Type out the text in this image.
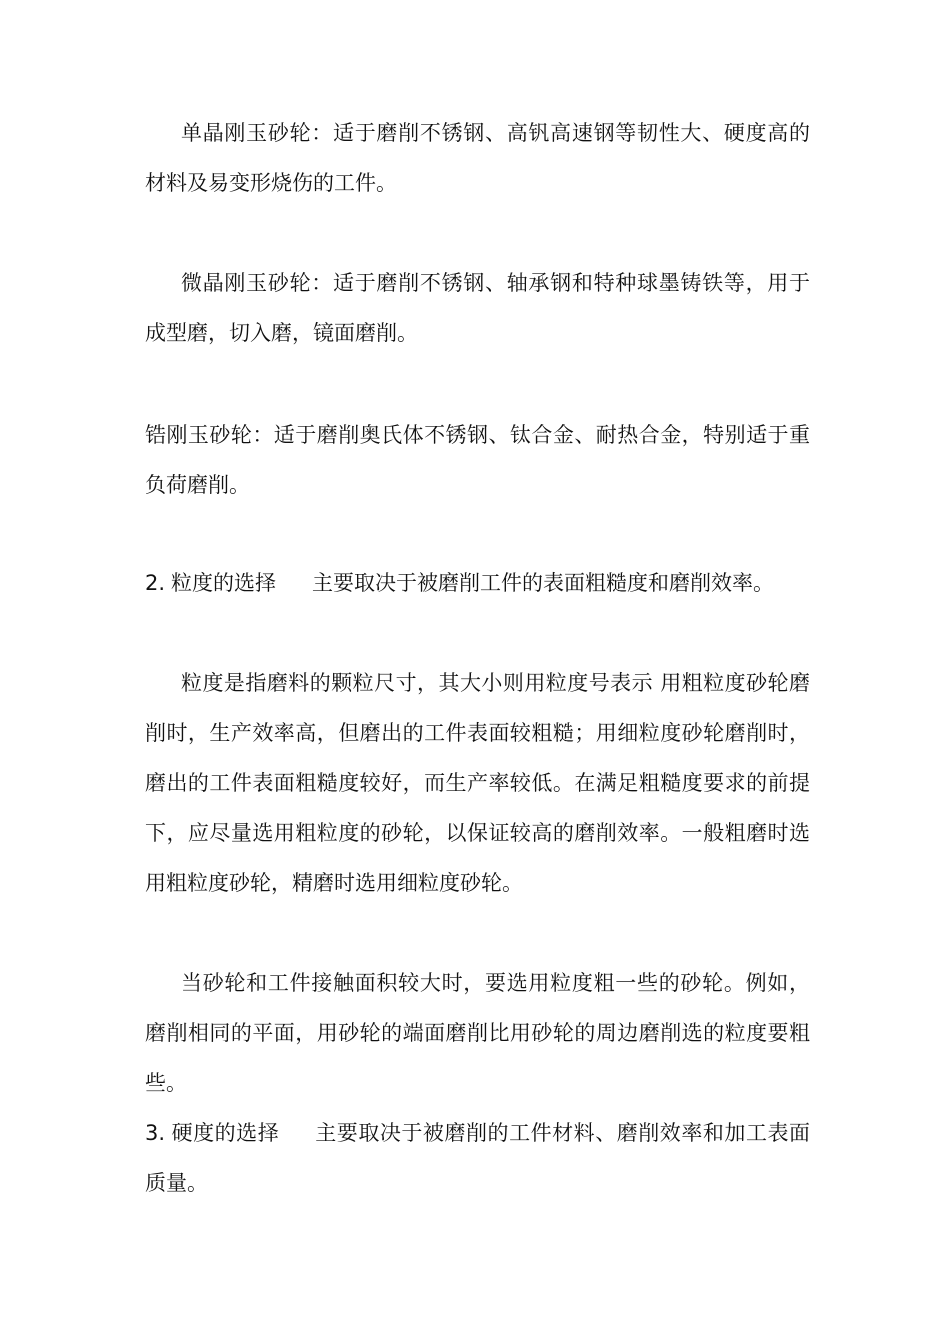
单晶刚玉砂轮：适于磨削不锈钢、高钒高速钢等韧性大、硬度高的材料及易变形烧伤的工件。

微晶刚玉砂轮：适于磨削不锈钢、轴承钢和特种球墨铸铁等，用于成型磨，切入磨，镜面磨削。

锆刚玉砂轮：适于磨削奥氏体不锈钢、钛合金、耐热合金，特别适于重负荷磨削。

2. 粒度的选择 主要取决于被磨削工件的表面粗糙度和磨削效率。

粒度是指磨料的颗粒尺寸，其大小则用粒度号表示 用粗粒度砂轮磨削时，生产效率高，但磨出的工件表面较粗糙；用细粒度砂轮磨削时，磨出的工件表面粗糙度较好，而生产率较低。在满足粗糙度要求的前提下，应尽量选用粗粒度的砂轮，以保证较高的磨削效率。一般粗磨时选用粗粒度砂轮，精磨时选用细粒度砂轮。

当砂轮和工件接触面积较大时，要选用粒度粗一些的砂轮。例如，磨削相同的平面，用砂轮的端面磨削比用砂轮的周边磨削选的粒度要粗些。

3. 硬度的选择 主要取决于被磨削的工件材料、磨削效率和加工表面质量。
